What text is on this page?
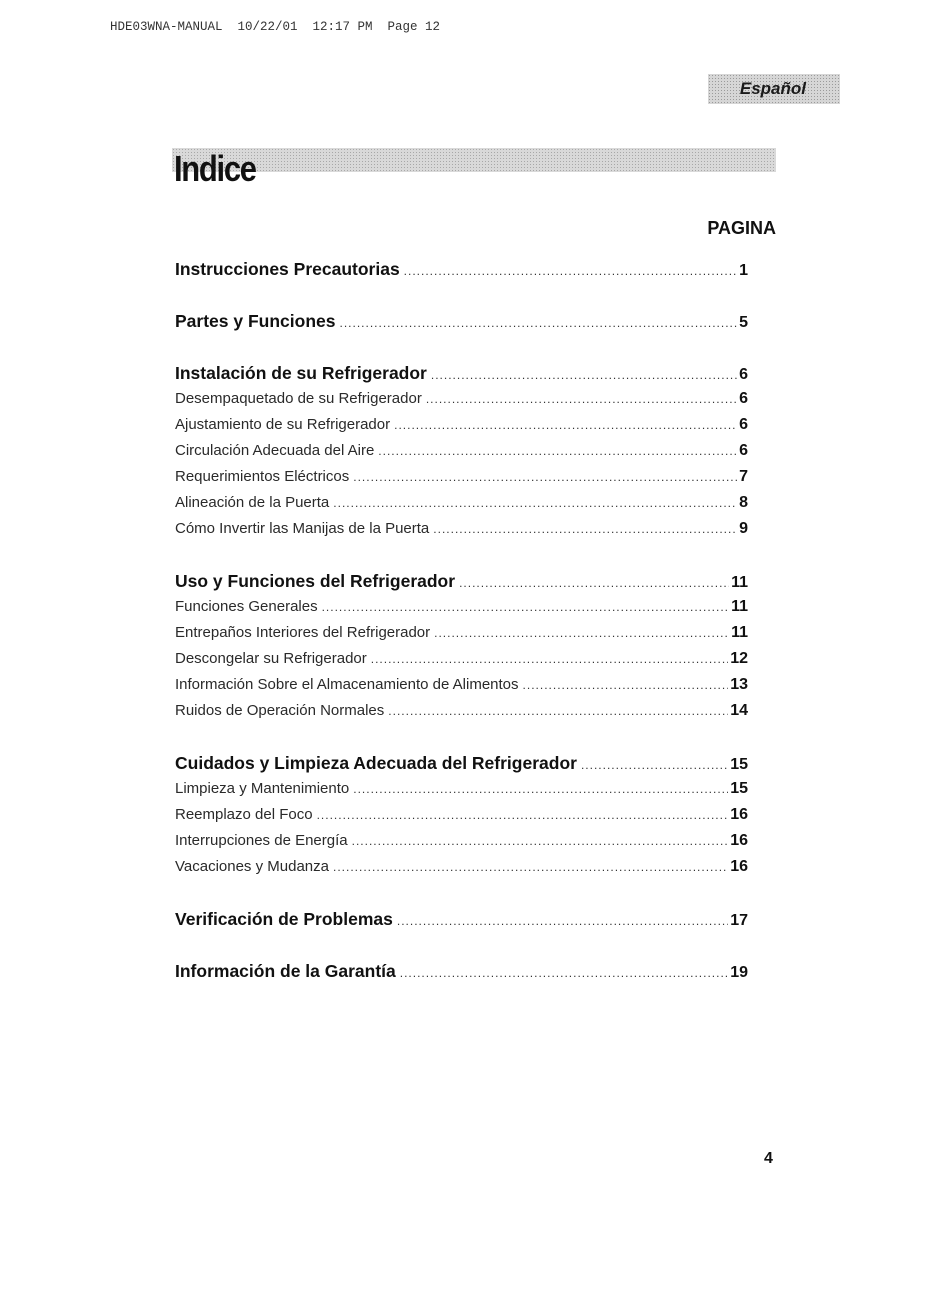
HDE03WNA-MANUAL  10/22/01  12:17 PM  Page 12
Español
Indice
PAGINA
Instrucciones Precautorias .....	1
Partes y Funciones .....	5
Instalación de su Refrigerador .....	6
Desempaquetado de su Refrigerador .....	6
Ajustamiento de su Refrigerador .....	6
Circulación Adecuada del Aire .....	6
Requerimientos Eléctricos .....	7
Alineación de la Puerta .....	8
Cómo Invertir las Manijas de la Puerta .....	9
Uso y Funciones del Refrigerador .....	11
Funciones Generales .....	11
Entrepaños Interiores del Refrigerador .....	11
Descongelar su Refrigerador .....	12
Información Sobre el Almacenamiento de Alimentos .....	13
Ruidos de Operación Normales .....	14
Cuidados y Limpieza Adecuada del Refrigerador .....	15
Limpieza y Mantenimiento .....	15
Reemplazo del Foco .....	16
Interrupciones de Energía .....	16
Vacaciones y Mudanza .....	16
Verificación de Problemas .....	17
Información de la Garantía .....	19
4
